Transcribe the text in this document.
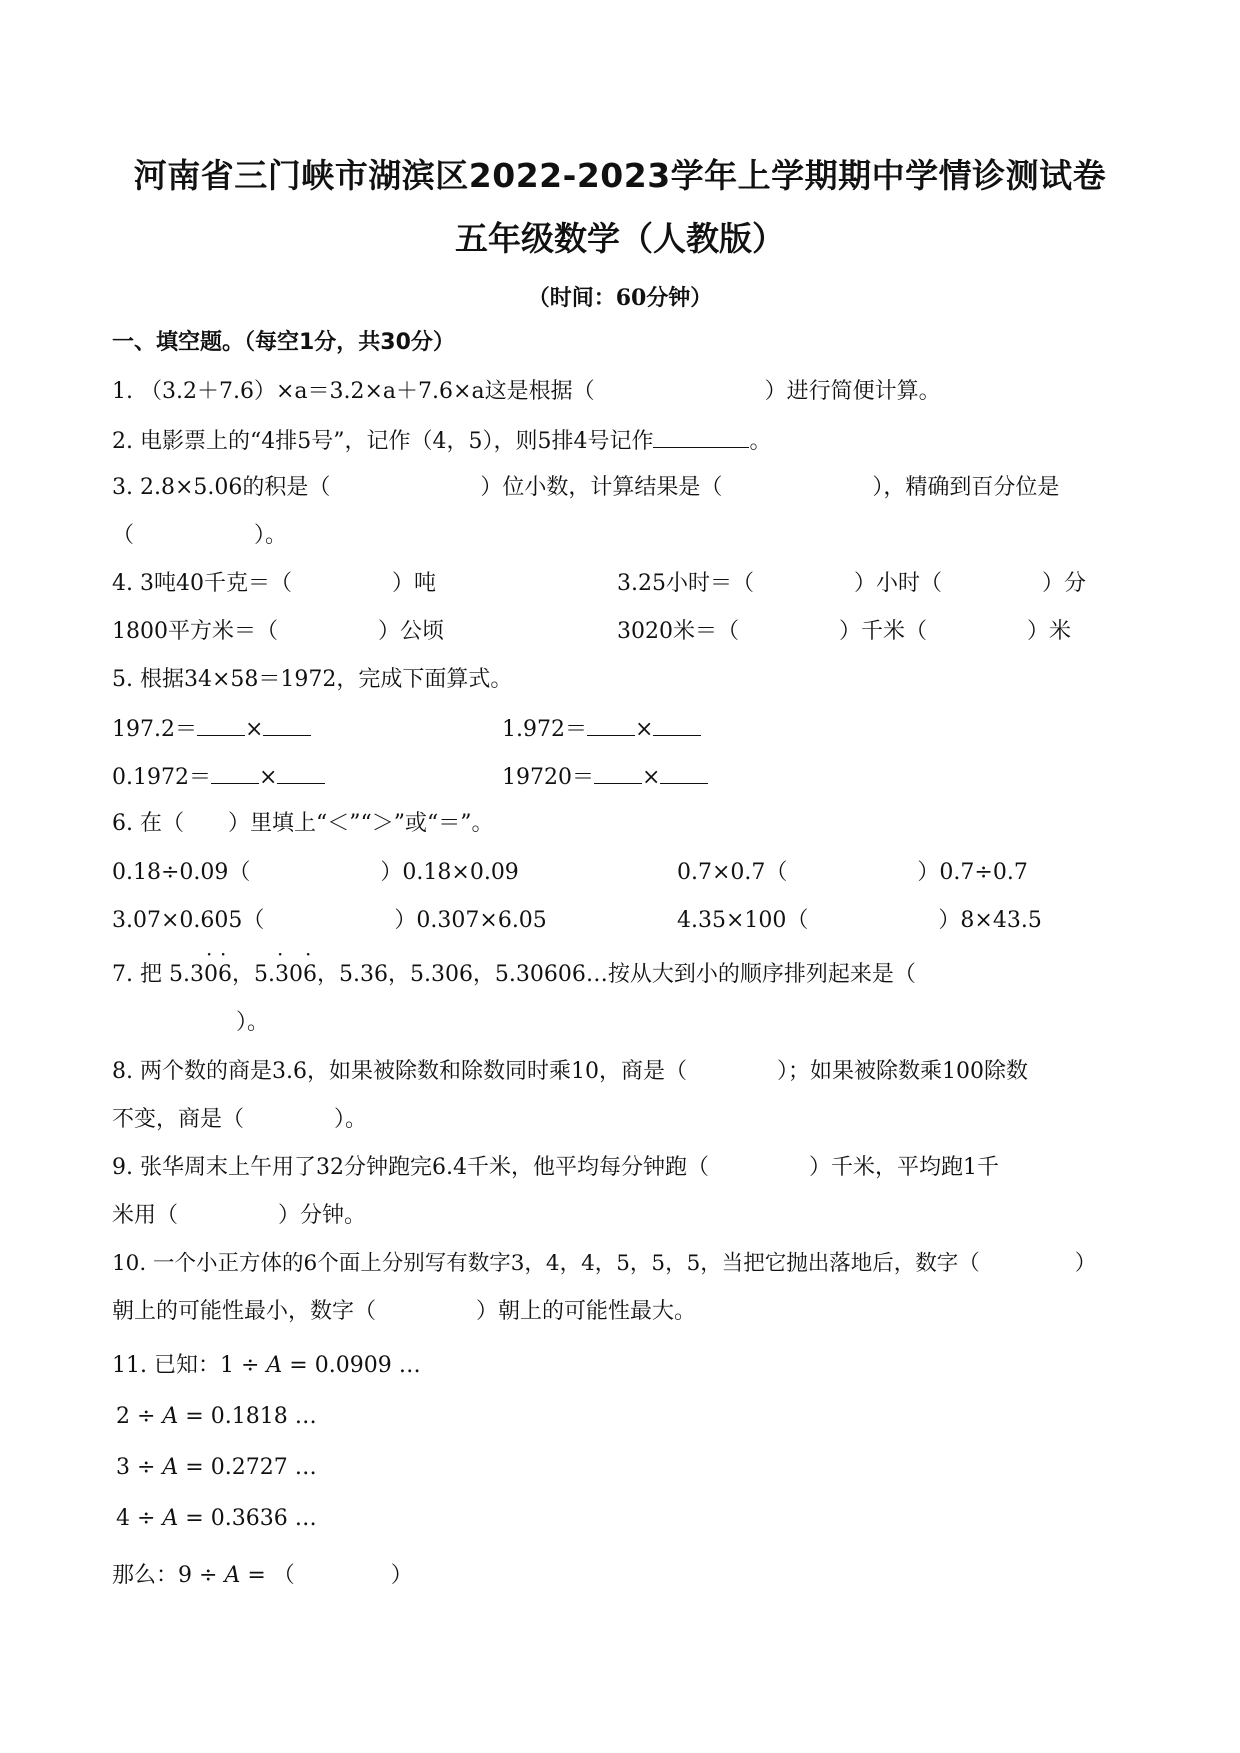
河南省三门峡市湖滨区2022-2023学年上学期期中学情诊测试卷
五年级数学（人教版）
（时间：60分钟）
一、填空题。（每空1分，共30分）
1. （3.2＋7.6）×a＝3.2×a＋7.6×a这是根据（	）进行简便计算。
2. 电影票上的“4排5号”，记作（4，5），则5排4号记作	。
3. 2.8×5.06的积是（	）位小数，计算结果是（	），精确到百分位是
（	）。
4. 3吨40千克＝（	）吨	3.25小时＝（	）小时（	）分
1800平方米＝（	）公顷	3020米＝（	）千米（	）米
5. 根据34×58＝1972，完成下面算式。
197.2＝ ×	1.972＝ ×
0.1972＝ ×	19720＝ ×
6. 在（　　）里填上“＜”“＞”或“＝”。
0.18÷0.09（	）0.18×0.09	0.7×0.7（	）0.7÷0.7
3.07×0.605（	）0.307×6.05	4.35×100（	）8×43.5
7. 把 5.3· 0· 6，5.· 30· 6，5.36，5.306，5.30606…按从大到小的顺序排列起来是（
）。
8. 两个数的商是3.6，如果被除数和除数同时乘10，商是（	）；如果被除数乘100除数
不变，商是（	）。
9. 张华周末上午用了32分钟跑完6.4千米，他平均每分钟跑（	）千米，平均跑1千
米用（	）分钟。
10. 一个小正方体的6个面上分别写有数字3，4，4，5，5，5，当把它抛出落地后，数字（	）
朝上的可能性最小，数字（	）朝上的可能性最大。
11. 已知：1 ÷ A = 0.0909 …
2 ÷ A = 0.1818 …
3 ÷ A = 0.2727 …
4 ÷ A = 0.3636 …
那么：9 ÷ A = （	）
